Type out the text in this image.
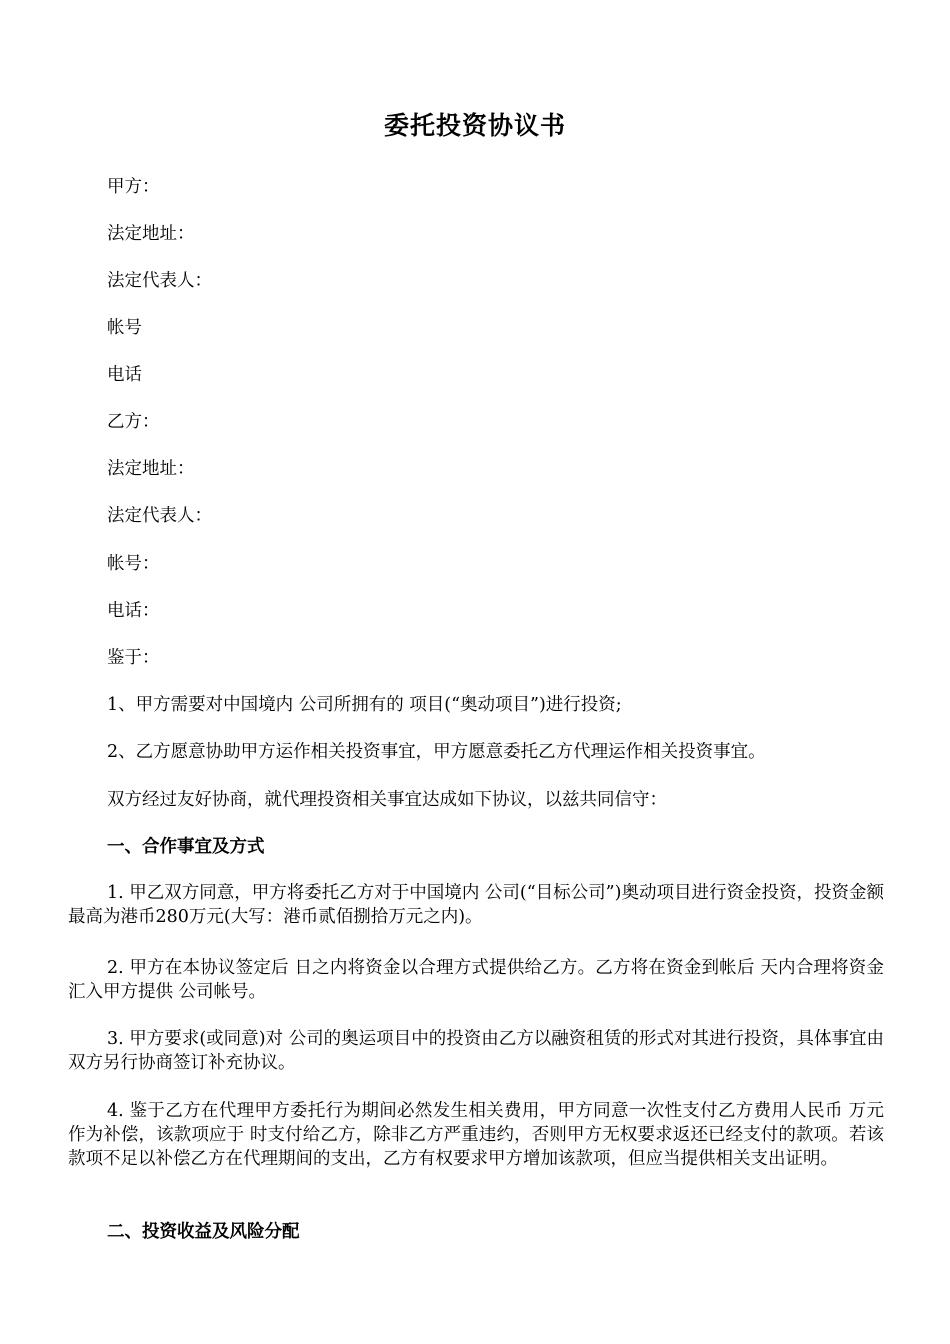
委托投资协议书
甲方：
法定地址：
法定代表人：
帐号
电话
乙方：
法定地址：
法定代表人：
帐号：
电话：
鉴于：
1、甲方需要对中国境内 公司所拥有的 项目(“奥动项目”)进行投资;
2、乙方愿意协助甲方运作相关投资事宜，甲方愿意委托乙方代理运作相关投资事宜。
双方经过友好协商，就代理投资相关事宜达成如下协议，以兹共同信守：
一、合作事宜及方式
1. 甲乙双方同意，甲方将委托乙方对于中国境内 公司(“目标公司”)奥动项目进行资金投资，投资金额最高为港币280万元(大写：港币贰佰捌拾万元之内)。
2. 甲方在本协议签定后 日之内将资金以合理方式提供给乙方。乙方将在资金到帐后 天内合理将资金汇入甲方提供 公司帐号。
3. 甲方要求(或同意)对 公司的奥运项目中的投资由乙方以融资租赁的形式对其进行投资，具体事宜由双方另行协商签订补充协议。
4. 鉴于乙方在代理甲方委托行为期间必然发生相关费用，甲方同意一次性支付乙方费用人民币 万元作为补偿，该款项应于 时支付给乙方，除非乙方严重违约，否则甲方无权要求返还已经支付的款项。若该款项不足以补偿乙方在代理期间的支出，乙方有权要求甲方增加该款项，但应当提供相关支出证明。
二、投资收益及风险分配
